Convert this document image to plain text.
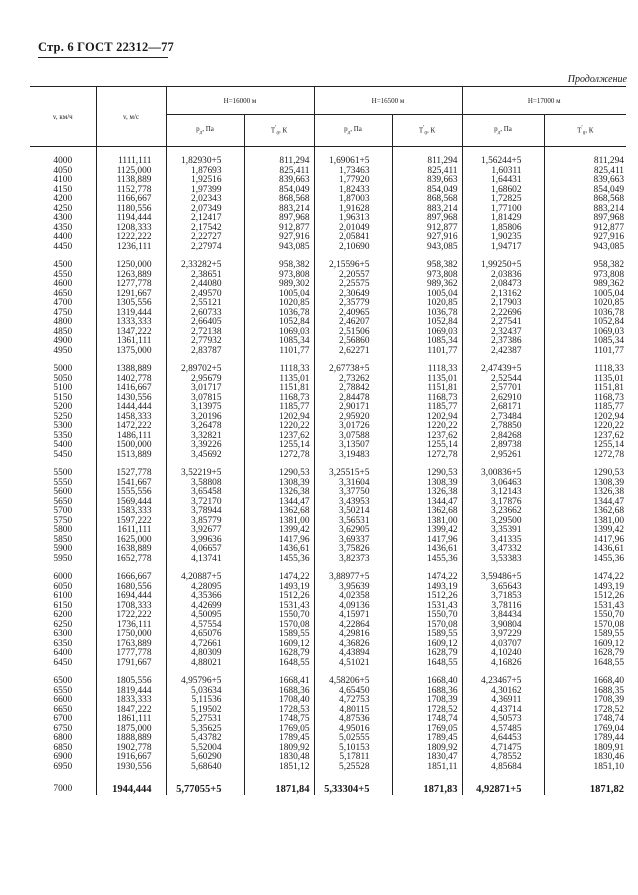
Стр. 6 ГОСТ 22312—77
Продолжение
v, км/ч	v, м/с	H=16000 м		H=16500 м		H=17000 м	
		$p_д$, Па	$T'_0$, К	$p_д$, Па	$T'_0$, К	$p_д$, Па	$T'_0$, К
4000	1111,111	1,82930+5	811,294	1,69061+5	811,294	1,56244+5	811,294
4050	1125,000	1,87693	825,411	1,73463	825,411	1,60311	825,411
4100	1138,889	1,92516	839,663	1,77920	839,663	1,64431	839,663
4150	1152,778	1,97399	854,049	1,82433	854,049	1,68602	854,049
4200	1166,667	2,02343	868,568	1,87003	868,568	1,72825	868,568
4250	1180,556	2,07349	883,214	1,91628	883,214	1,77100	883,214
4300	1194,444	2,12417	897,968	1,96313	897,968	1,81429	897,968
4350	1208,333	2,17542	912,877	2,01049	912,877	1,85806	912,877
4400	1222,222	2,22727	927,916	2,05841	927,916	1,90235	927,916
4450	1236,111	2,27974	943,085	2,10690	943,085	1,94717	943,085
4500	1250,000	2,33282+5	958,382	2,15596+5	958,382	1,99250+5	958,382
4550	1263,889	2,38651	973,808	2,20557	973,808	2,03836	973,808
4600	1277,778	2,44080	989,302	2,25575	989,362	2,08473	989,362
4650	1291,667	2,49570	1005,04	2,30649	1005,04	2,13162	1005,04
4700	1305,556	2,55121	1020,85	2,35779	1020,85	2,17903	1020,85
4750	1319,444	2,60733	1036,78	2,40965	1036,78	2,22696	1036,78
4800	1333,333	2,66405	1052,84	2,46207	1052,84	2,27541	1052,84
4850	1347,222	2,72138	1069,03	2,51506	1069,03	2,32437	1069,03
4900	1361,111	2,77932	1085,34	2,56860	1085,34	2,37386	1085,34
4950	1375,000	2,83787	1101,77	2,62271	1101,77	2,42387	1101,77
5000	1388,889	2,89702+5	1118,33	2,67738+5	1118,33	2,47439+5	1118,33
5050	1402,778	2,95679	1135,01	2,73262	1135,01	2,52544	1135,01
5100	1416,667	3,01717	1151,81	2,78842	1151,81	2,57701	1151,81
5150	1430,556	3,07815	1168,73	2,84478	1168,73	2,62910	1168,73
5200	1444,444	3,13975	1185,77	2,90171	1185,77	2,68171	1185,77
5250	1458,333	3,20196	1202,94	2,95920	1202,94	2,73484	1202,94
5300	1472,222	3,26478	1220,22	3,01726	1220,22	2,78850	1220,22
5350	1486,111	3,32821	1237,62	3,07588	1237,62	2,84268	1237,62
5400	1500,000	3,39226	1255,14	3,13507	1255,14	2,89738	1255,14
5450	1513,889	3,45692	1272,78	3,19483	1272,78	2,95261	1272,78
5500	1527,778	3,52219+5	1290,53	3,25515+5	1290,53	3,00836+5	1290,53
5550	1541,667	3,58808	1308,39	3,31604	1308,39	3,06463	1308,39
5600	1555,556	3,65458	1326,38	3,37750	1326,38	3,12143	1326,38
5650	1569,444	3,72170	1344,47	3,43953	1344,47	3,17876	1344,47
5700	1583,333	3,78944	1362,68	3,50214	1362,68	3,23662	1362,68
5750	1597,222	3,85779	1381,00	3,56531	1381,00	3,29500	1381,00
5800	1611,111	3,92677	1399,42	3,62905	1399,42	3,35391	1399,42
5850	1625,000	3,99636	1417,96	3,69337	1417,96	3,41335	1417,96
5900	1638,889	4,06657	1436,61	3,75826	1436,61	3,47332	1436,61
5950	1652,778	4,13741	1455,36	3,82373	1455,36	3,53383	1455,36
6000	1666,667	4,20887+5	1474,22	3,88977+5	1474,22	3,59486+5	1474,22
6050	1680,556	4,28095	1493,19	3,95639	1493,19	3,65643	1493,19
6100	1694,444	4,35366	1512,26	4,02358	1512,26	3,71853	1512,26
6150	1708,333	4,42699	1531,43	4,09136	1531,43	3,78116	1531,43
6200	1722,222	4,50095	1550,70	4,15971	1550,70	3,84434	1550,70
6250	1736,111	4,57554	1570,08	4,22864	1570,08	3,90804	1570,08
6300	1750,000	4,65076	1589,55	4,29816	1589,55	3,97229	1589,55
6350	1763,889	4,72661	1609,12	4,36826	1609,12	4,03707	1609,12
6400	1777,778	4,80309	1628,79	4,43894	1628,79	4,10240	1628,79
6450	1791,667	4,88021	1648,55	4,51021	1648,55	4,16826	1648,55
6500	1805,556	4,95796+5	1668,41	4,58206+5	1668,40	4,23467+5	1668,40
6550	1819,444	5,03634	1688,36	4,65450	1688,36	4,30162	1688,35
6600	1833,333	5,11536	1708,40	4,72753	1708,39	4,36911	1708,39
6650	1847,222	5,19502	1728,53	4,80115	1728,52	4,43714	1728,52
6700	1861,111	5,27531	1748,75	4,87536	1748,74	4,50573	1748,74
6750	1875,000	5,35625	1769,05	4,95016	1769,05	4,57485	1769,04
6800	1888,889	5,43782	1789,45	5,02555	1789,45	4,64453	1789,44
6850	1902,778	5,52004	1809,92	5,10153	1809,92	4,71475	1809,91
6900	1916,667	5,60290	1830,48	5,17811	1830,47	4,78552	1830,46
6950	1930,556	5,68640	1851,12	5,25528	1851,11	4,85684	1851,10
7000	1944,444	5,77055+5	1871,84	5,33304+5	1871,83	4,92871+5	1871,82
